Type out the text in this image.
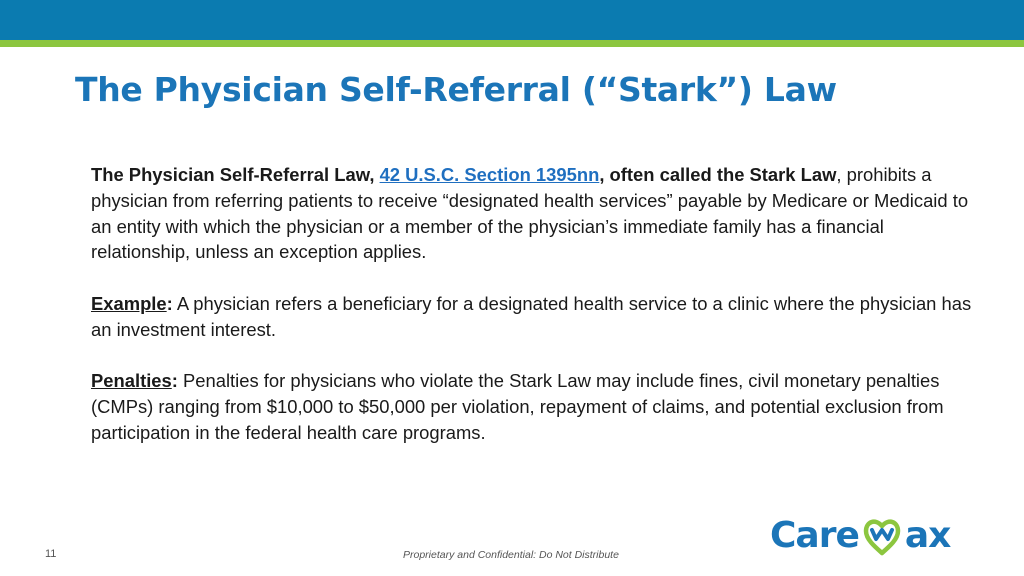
The Physician Self-Referral (“Stark”) Law

The Physician Self-Referral Law, 42 U.S.C. Section 1395nn, often called the Stark Law, prohibits a physician from referring patients to receive “designated health services” payable by Medicare or Medicaid to an entity with which the physician or a member of the physician’s immediate family has a financial relationship, unless an exception applies.

Example: A physician refers a beneficiary for a designated health service to a clinic where the physician has an investment interest.

Penalties: Penalties for physicians who violate the Stark Law may include fines, civil monetary penalties (CMPs) ranging from $10,000 to $50,000 per violation, repayment of claims, and potential exclusion from participation in the federal health care programs.

11	Proprietary and Confidential: Do Not Distribute	Care ax
